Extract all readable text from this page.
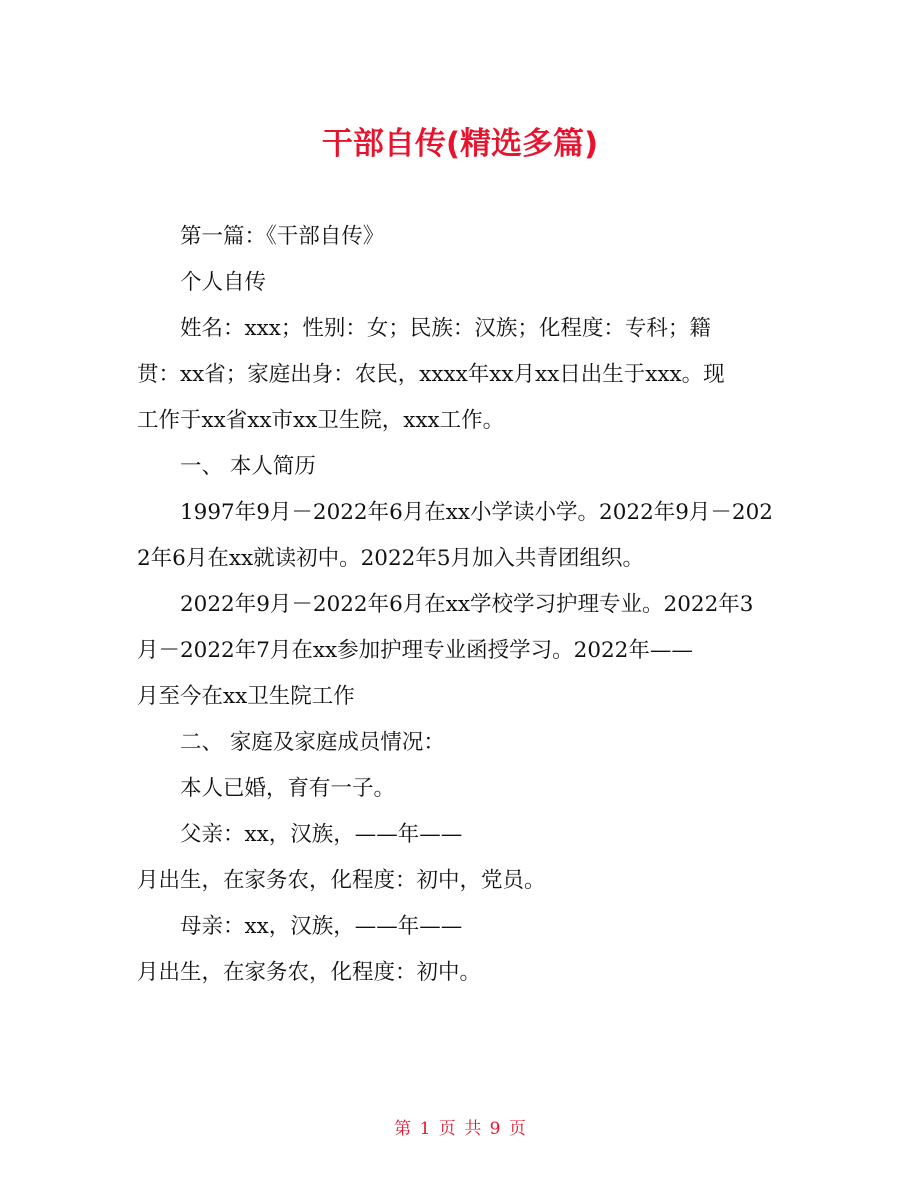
干部自传(精选多篇)
第一篇：《干部自传》
个人自传
姓名：xxx；性别：女；民族：汉族；化程度：专科；籍
贯：xx省；家庭出身：农民，xxxx年xx月xx日出生于xxx。现
工作于xx省xx市xx卫生院，xxx工作。
一、 本人简历
1997年9月－2022年6月在xx小学读小学。2022年9月－202
2年6月在xx就读初中。2022年5月加入共青团组织。
2022年9月－2022年6月在xx学校学习护理专业。2022年3
月－2022年7月在xx参加护理专业函授学习。2022年——
月至今在xx卫生院工作
二、 家庭及家庭成员情况：
本人已婚，育有一子。
父亲：xx，汉族，——年——
月出生，在家务农，化程度：初中，党员。
母亲：xx，汉族，——年——
月出生，在家务农，化程度：初中。
第 1 页 共 9 页
